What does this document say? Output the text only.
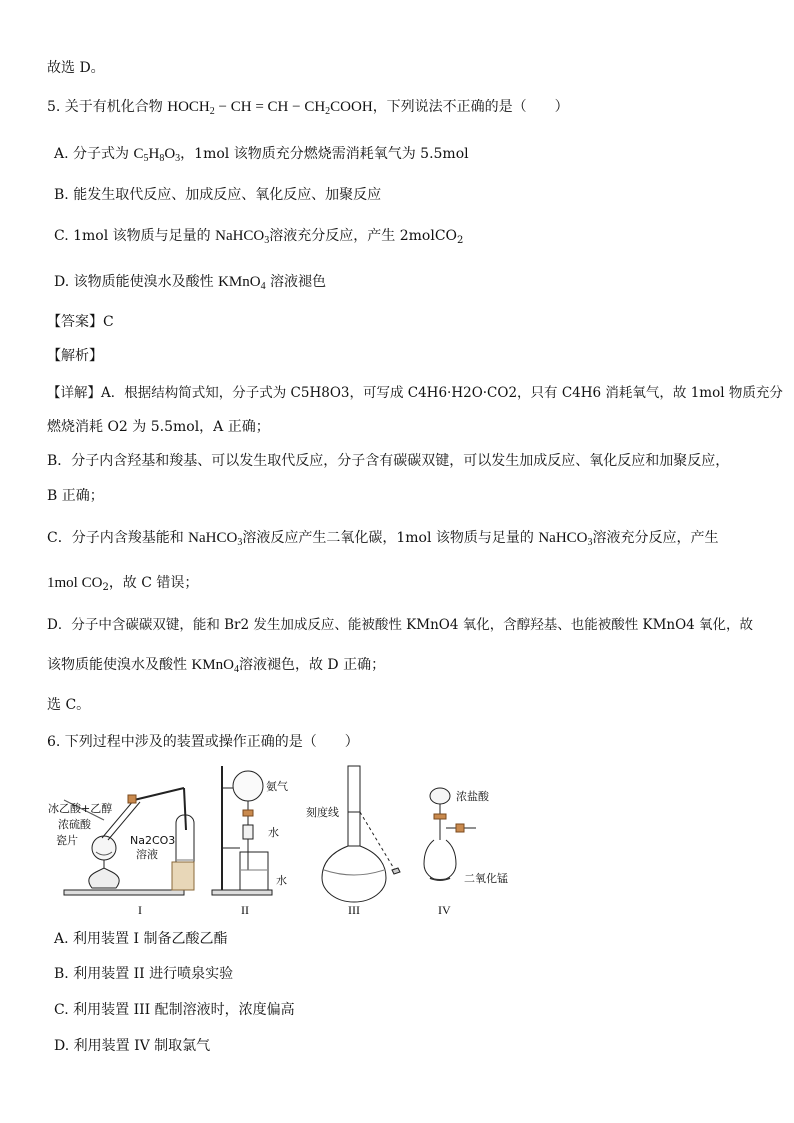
故选 D。
5. 关于有机化合物 $HOCH_2$ − CH = CH − $CH_2COOH$，下列说法不正确的是（　　）
A. 分子式为 $C_5H_8O_3$，1mol 该物质充分燃烧需消耗氧气为 5.5mol
B. 能发生取代反应、加成反应、氧化反应、加聚反应
C. 1mol 该物质与足量的 NaHCO$_3$溶液充分反应，产生 2molCO$_2$
D. 该物质能使溴水及酸性 KMnO$_4$ 溶液褪色
【答案】C
【解析】
【详解】A．根据结构简式知，分子式为 C5H8O3，可写成 C4H6·H2O·CO2，只有 C4H6 消耗氧气，故 1mol 物质充分
燃烧消耗 O2 为 5.5mol，A 正确；
B．分子内含羟基和羧基、可以发生取代反应，分子含有碳碳双键，可以发生加成反应、氧化反应和加聚反应，
B 正确；
C．分子内含羧基能和 NaHCO$_3$溶液反应产生二氧化碳，1mol 该物质与足量的 NaHCO$_3$溶液充分反应，产生
1mol $CO_2$，故 C 错误；
D．分子中含碳碳双键，能和 Br2 发生加成反应、能被酸性 KMnO4 氧化，含醇羟基、也能被酸性 KMnO4 氧化，故
该物质能使溴水及酸性 KMnO$_4$溶液褪色，故 D 正确；
选 C。
6. 下列过程中涉及的装置或操作正确的是（　　）
冰乙酸+乙醇
浓硫酸
瓷片	Na2CO3
溶液
I
氨气
水
水
II
刻度线
III
浓盐酸
二氧化锰
IV
A. 利用装置 I 制备乙酸乙酯
B. 利用装置 II 进行喷泉实验
C. 利用装置 III 配制溶液时，浓度偏高
D. 利用装置 IV 制取氯气
